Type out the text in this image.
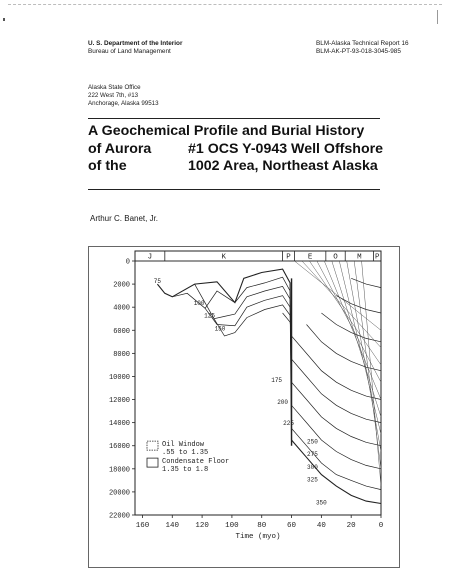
U. S. Department of the Interior
Bureau of Land Management
BLM-Alaska Technical Report 16
BLM-AK-PT-93-018-3045-985
Alaska State Office
222 West 7th, #13
Anchorage, Alaska 99513
A Geochemical Profile and Burial History
of Aurora	#1 OCS Y-0943 Well Offshore
of the	1002 Area, Northeast Alaska
Arthur C. Banet, Jr.
J	K	P E	O	M P
0
2000
4000
6000
8000
10000
12000
14000
16000
18000
20000
22000
160 140 120 100 80	60	40	20	0
Time (myo)
75
100
125
150
175
200
225
250
275
300
325
350
Oil Window
.55 to 1.35
Condensate Floor
1.35 to 1.8
